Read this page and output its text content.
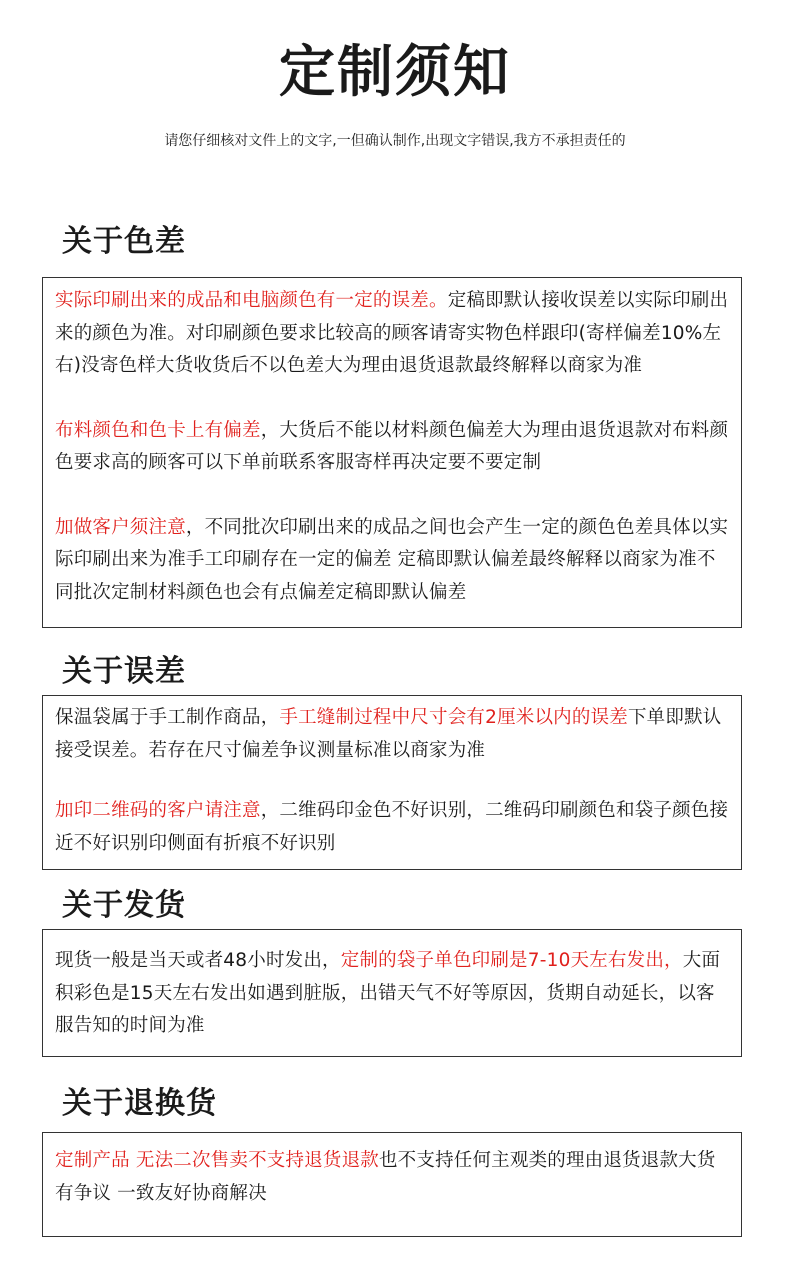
定制须知
请您仔细核对文件上的文字,一但确认制作,出现文字错误,我方不承担责任的
关于色差

实际印刷出来的成品和电脑颜色有一定的误差。定稿即默认接收误差以实际印刷出来的颜色为准。对印刷颜色要求比较高的顾客请寄实物色样跟印(寄样偏差10%左右)没寄色样大货收货后不以色差大为理由退货退款最终解释以商家为准

布料颜色和色卡上有偏差，大货后不能以材料颜色偏差大为理由退货退款对布料颜色要求高的顾客可以下单前联系客服寄样再决定要不要定制

加做客户须注意，不同批次印刷出来的成品之间也会产生一定的颜色色差具体以实际印刷出来为准手工印刷存在一定的偏差 定稿即默认偏差最终解释以商家为准不同批次定制材料颜色也会有点偏差定稿即默认偏差

关于误差

保温袋属于手工制作商品，手工缝制过程中尺寸会有2厘米以内的误差下单即默认接受误差。若存在尺寸偏差争议测量标准以商家为准

加印二维码的客户请注意，二维码印金色不好识别，二维码印刷颜色和袋子颜色接近不好识别印侧面有折痕不好识别

关于发货

现货一般是当天或者48小时发出，定制的袋子单色印刷是7-10天左右发出，大面积彩色是15天左右发出如遇到脏版，出错天气不好等原因，货期自动延长，以客服告知的时间为准

关于退换货

定制产品 无法二次售卖不支持退货退款也不支持任何主观类的理由退货退款大货有争议 一致友好协商解决
